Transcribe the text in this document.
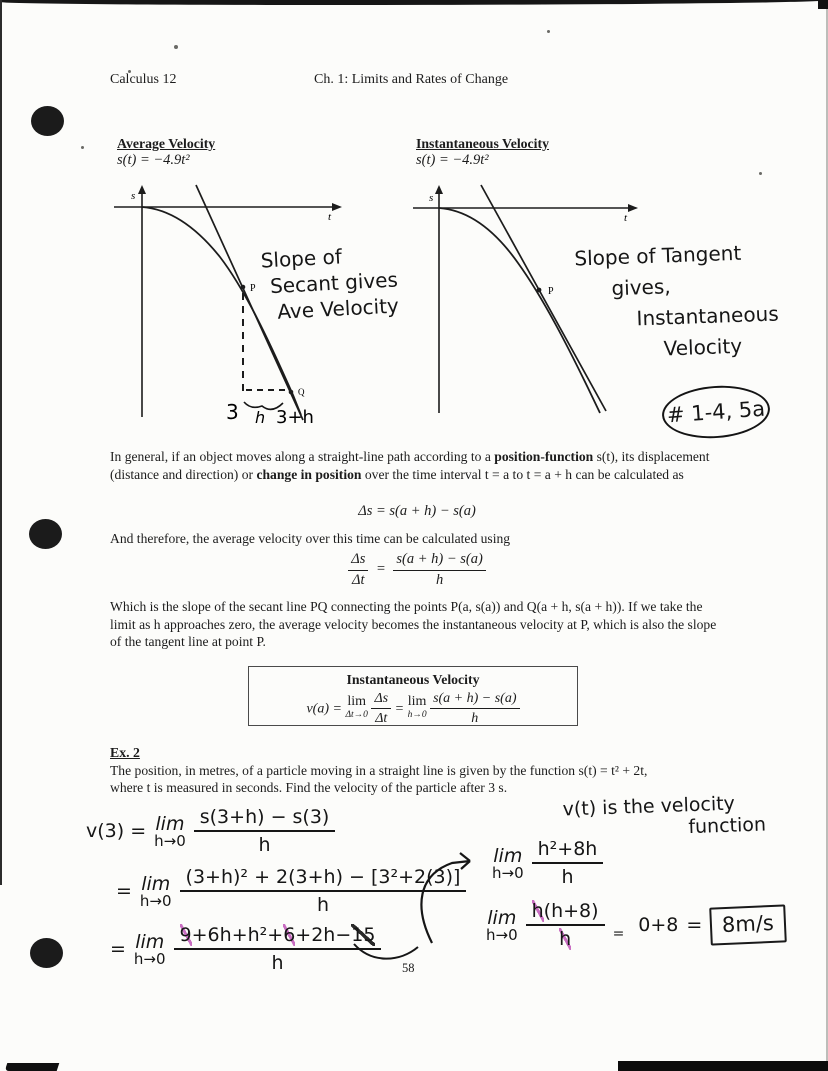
Calculus 12	Ch. 1: Limits and Rates of Change
Average Velocity
s(t) = −4.9t²
Instantaneous Velocity
s(t) = −4.9t²
s
t
P
Q
3 h 3+h
s
t
P
Slope of
Secant gives
Ave Velocity
Slope of Tangent
gives,
Instantaneous
Velocity
# 1-4, 5a
In general, if an object moves along a straight-line path according to a position-function s(t), its displacement (distance and direction) or change in position over the time interval t = a to t = a + h can be calculated as
Δs = s(a + h) − s(a)
And therefore, the average velocity over this time can be calculated using
$\frac{\Delta s}{\Delta t} = \frac{s(a + h) - s(a)}{h}$
Which is the slope of the secant line PQ connecting the points P(a, s(a)) and Q(a + h, s(a + h)). If we take the limit as h approaches zero, the average velocity becomes the instantaneous velocity at P, which is also the slope of the tangent line at point P.
Instantaneous Velocity
v(a) = lim
Δt→0
$\frac{\Delta s}{\Delta t} = \lim$
h→0
$\frac{s(a + h) - s(a)}{h}$
Ex. 2
The position, in metres, of a particle moving in a straight line is given by the function s(t) = t² + 2t,
where t is measured in seconds. Find the velocity of the particle after 3 s.
v(t) is the velocity
function
v(3) = lim
$h\to 0 \frac{s(3+h) - s(3)}{h}$
= lim
$h\to 0 \frac{\text{(3+h)² + 2(3+h) − [3²+2(3)]}}{h}$
= lim
$h\to 0 \frac{\text{9+6h+h²+6+2h−15}}{h}$
lim
$h\to 0 \frac{\text{h²+8h}}{h}$
lim
$h\to 0 \frac{h(h+8)}{h} = 0+8 = 8m/s$
58
